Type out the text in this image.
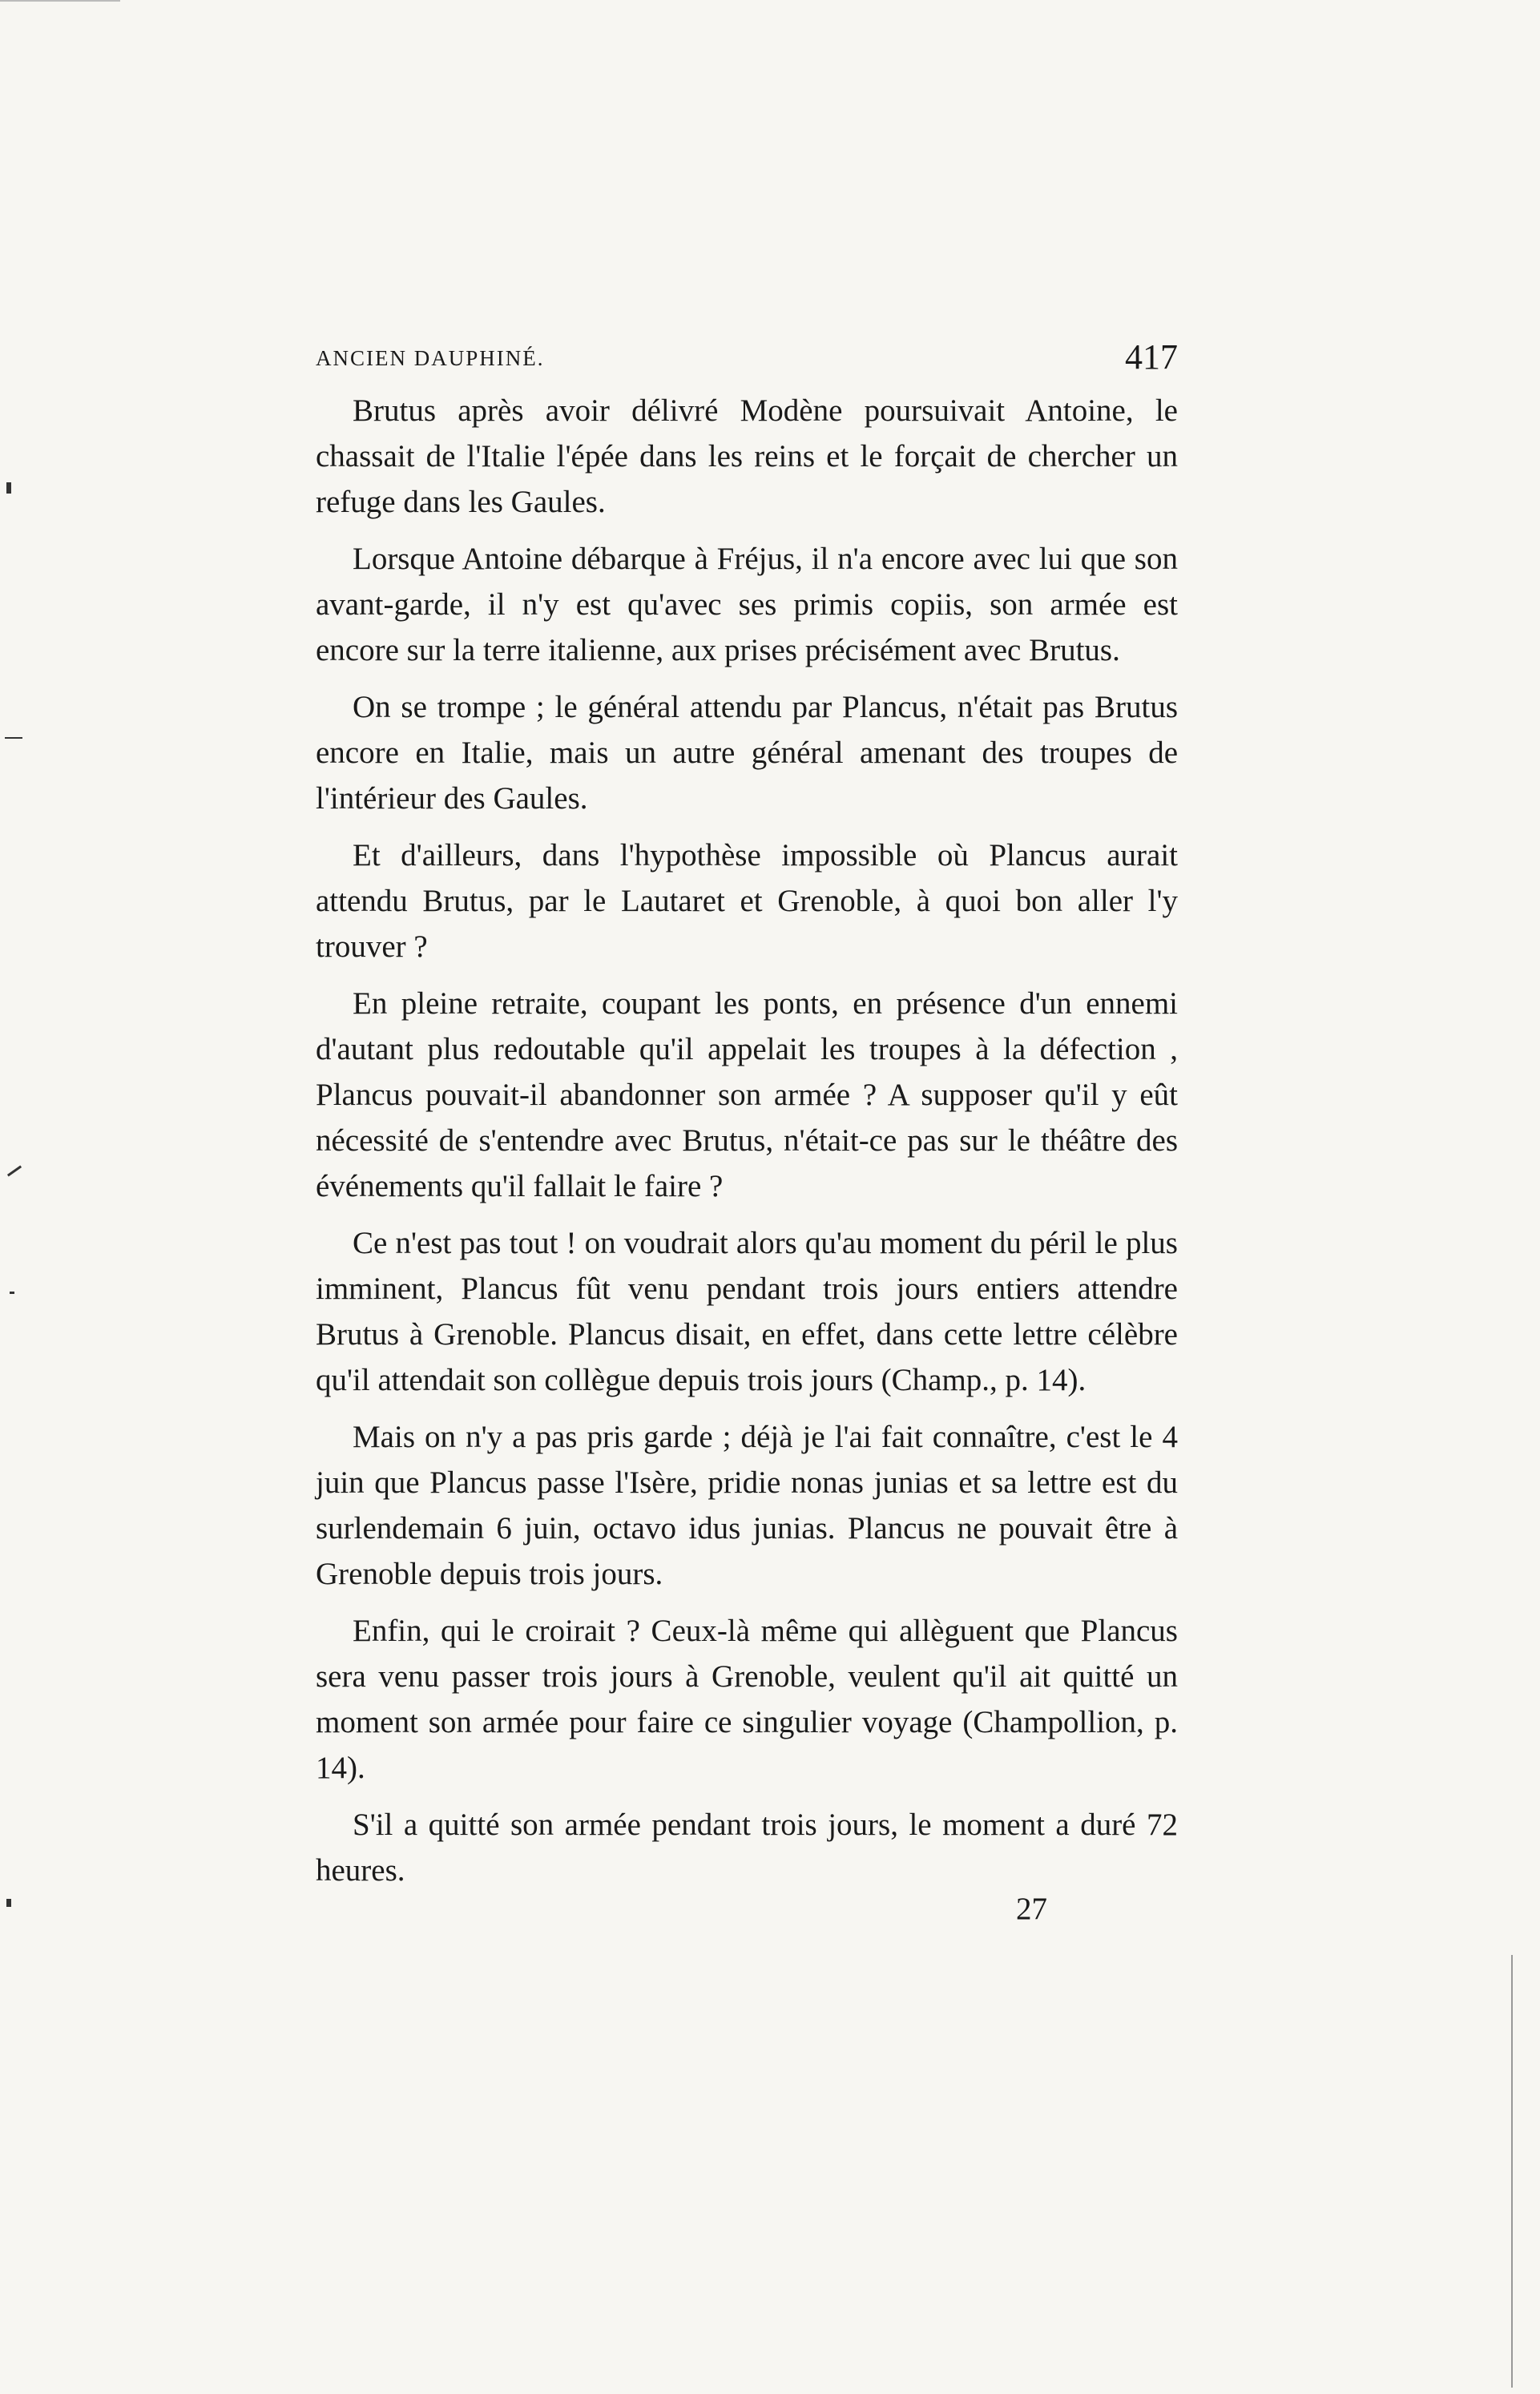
ANCIEN DAUPHINÉ.	417

Brutus après avoir délivré Modène poursuivait Antoine, le chassait de l'Italie l'épée dans les reins et le forçait de chercher un refuge dans les Gaules.

Lorsque Antoine débarque à Fréjus, il n'a encore avec lui que son avant-garde, il n'y est qu'avec ses primis copiis, son armée est encore sur la terre italienne, aux prises précisément avec Brutus.

On se trompe ; le général attendu par Plancus, n'était pas Brutus encore en Italie, mais un autre général amenant des troupes de l'intérieur des Gaules.

Et d'ailleurs, dans l'hypothèse impossible où Plancus aurait attendu Brutus, par le Lautaret et Grenoble, à quoi bon aller l'y trouver ?

En pleine retraite, coupant les ponts, en présence d'un ennemi d'autant plus redoutable qu'il appelait les troupes à la défection , Plancus pouvait-il abandonner son armée ? A supposer qu'il y eût nécessité de s'entendre avec Brutus, n'était-ce pas sur le théâtre des événements qu'il fallait le faire ?

Ce n'est pas tout ! on voudrait alors qu'au moment du péril le plus imminent, Plancus fût venu pendant trois jours entiers attendre Brutus à Grenoble. Plancus disait, en effet, dans cette lettre célèbre qu'il attendait son collègue depuis trois jours (Champ., p. 14).

Mais on n'y a pas pris garde ; déjà je l'ai fait connaître, c'est le 4 juin que Plancus passe l'Isère, pridie nonas junias et sa lettre est du surlendemain 6 juin, octavo idus junias. Plancus ne pouvait être à Grenoble depuis trois jours.

Enfin, qui le croirait ? Ceux-là même qui allèguent que Plancus sera venu passer trois jours à Grenoble, veulent qu'il ait quitté un moment son armée pour faire ce singulier voyage (Champollion, p. 14).

S'il a quitté son armée pendant trois jours, le moment a duré 72 heures.

27
